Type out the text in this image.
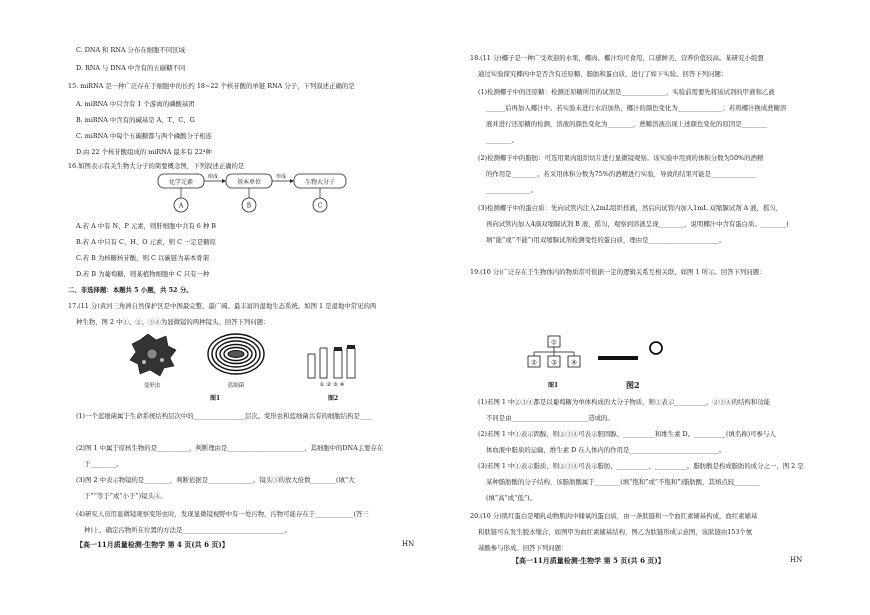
C. DNA 和 RNA 分布在细胞不同区域
D. RNA 与 DNA 中含有的五碳糖不同
15. miRNA 是一种广泛存在于细胞中的长约 18~22 个核苷酸的单链 RNA 分子，下列叙述正确的是
A. miRNA 中只含有 1 个游离的磷酸基团
B. miRNA 中含有的碱基是 A、T、C、G
C. miRNA 中每个五碳糖都与两个磷酸分子相连
D.由 22 个核苷酸组成的 miRNA 最多有 22⁴种
16.如图表示有关生物大分子的简要概念图，下列叙述正确的是
化学元素
组成
基本单位
形成
生物大分子
A	B	C
A.若 A 中有 N、P 元素，则肝细胞中共有 6 种 B
B.若 A 中只有 C、H、O 元素，则 C 一定是糖原
C.若 B 为核糖核苷酸，则 C 以碳链为基本骨架
D.若 B 为葡萄糖，则某植物细胞中 C 只有一种
二、非选择题：本题共 5 小题，共 52 分。
17.(11 分)黄河三角洲自然保护区是中国最完整、最广阔、最丰富的湿地生态系统。如图 1 是湿地中常见的两
种生物，图 2 中①、②、③④为显微镜的两种镜头。回答下列问题：
变形虫	蓝细菌
图1
① ② ③ ④
图2
(1)一个蓝细菌属于生命系统结构层次中的________________层次。变形虫和蓝细菌共有的细胞结构是____
(2)图 1 中属于原核生物的是__________，判断理由是________________________，其细胞中的DNA主要存在
于________。
(3)图 2 中表示物镜的是________，判断依据是______________。镜头③的放大倍数________(填“大
于”“等于”或“小于”)镜头④。
(4)研究人员用显微镜观察变形虫时，发现显微镜视野中有一处污物，污物可能存在于____________(答三
种)上，确定污物所在位置的方法是________________________________。
【高一11月质量检测·生物学 第 4 页(共 6 页)】	HN
18.(11 分)椰子是一种广受欢迎的水果，椰肉、椰汁均可食用，口感鲜美，营养价值较高。某研究小组想
通过实验探究椰肉中是否含有还原糖、脂肪和蛋白质，进行了如下实验。回答下列问题：
(1)检测椰子中的还原糖：检测还原糖所用的试剂是______________，实验前需要先将该试剂的甲液和乙液
______后再加入椰汁中。若实验未进行水浴加热，椰汁的颜色变化为______________；若将椰汁换成蔗糖溶
液并进行还原糖的检测，溶液的颜色变化为________，蔗糖溶液出现上述颜色变化的原因是________
________。
(2)检测椰子中的脂肪：可选用果肉组织切片进行显微镜观察。该实验中用到的体积分数为50%的酒精
的作用是________。若采用体积分数为75%的酒精进行实验，导致的结果可能是______________
______________。
(3)检测椰子中的蛋白质：先向试管内注入2mL组织样液，然后向试管内加入1mL 双缩脲试剂 A 液，摇匀，
再向试管内加入4滴双缩脲试剂 B 液，摇匀，观察到溶液呈现________，说明椰汁中含有蛋白质。________(
填“能”或“不能”)用双缩脲试剂检测变性的蛋白质，理由是______________________。
19.(10 分)广泛存在于生物体内的物质常可依据一定的逻辑关系互相关联，如图 1 所示。回答下列问题：
①
② ③ ④
图1	图2
(1)若图 1 中②③④都是以葡萄糖为单体构成的大分子物质，则①表示__________，②③④的结构和功能
不同是由________________________造成的。
(2)若图 1 中①表示固醇，则②③④可表示胆固醇、__________和维生素 D。__________(填名称)可参与人
体血液中脂质的运输，维生素 D 在人体内的作用是____________________________。
(3)若图 1 中①表示脂质，则②③④可表示脂肪、__________、__________。脂肪酸是构成脂肪的成分之一，图 2 是
某种脂肪酸的分子结构，该脂肪酸属于________(填“饱和”或“不饱和”)脂肪酸，其熔点较________
(填“高”或“低”)。
20.(10 分)肌红蛋白是哺乳动物肌肉中储氧的蛋白质，由一条肽链和一个血红素辅基构成，血红素辅基
和肽链可在发生脱水缩合，如图甲为血红素辅基结构，图乙为肽链形成示意图，该肽链由153个氨
基酸参与形成。回答下列问题：
【高一11月质量检测·生物学 第 5 页(共 6 页)】	HN
